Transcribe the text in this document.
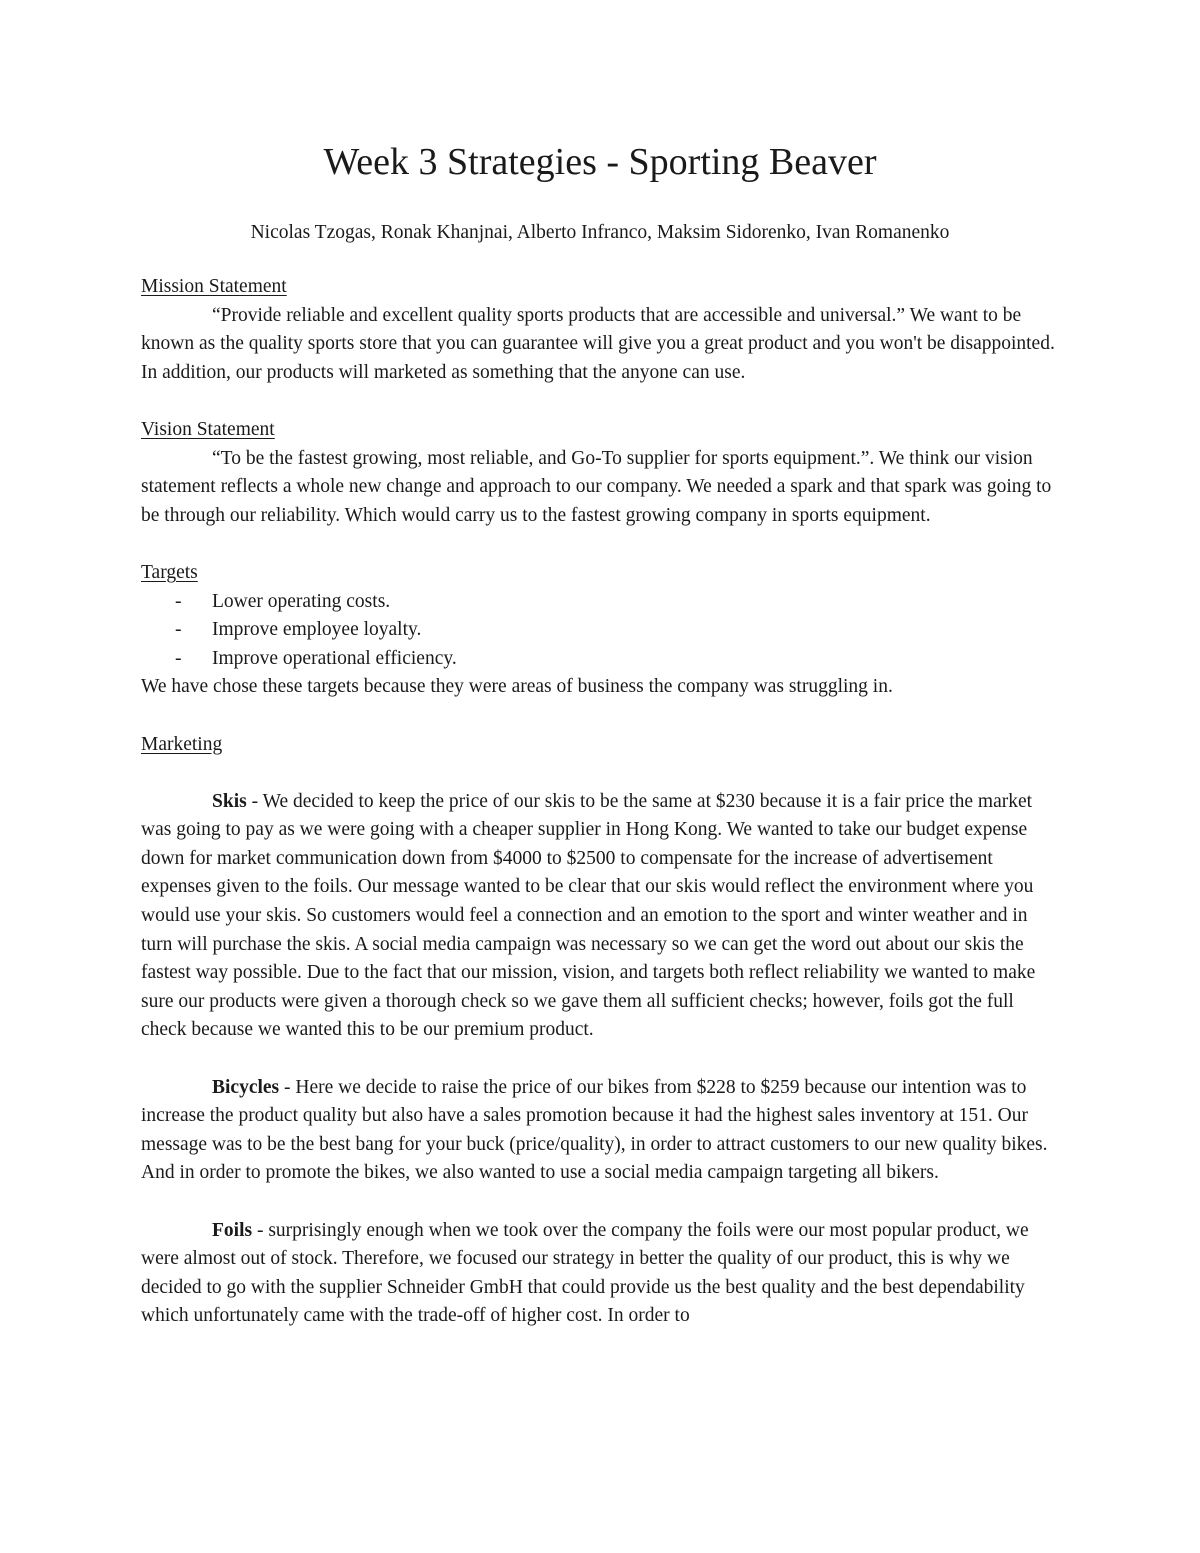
Week 3 Strategies - Sporting Beaver

Nicolas Tzogas, Ronak Khanjnai, Alberto Infranco, Maksim Sidorenko, Ivan Romanenko

Mission Statement

“Provide reliable and excellent quality sports products that are accessible and universal.” We want to be known as the quality sports store that you can guarantee will give you a great product and you won't be disappointed. In addition, our products will marketed as something that the anyone can use.

Vision Statement

“To be the fastest growing, most reliable, and Go-To supplier for sports equipment.”. We think our vision statement reflects a whole new change and approach to our company. We needed a spark and that spark was going to be through our reliability. Which would carry us to the fastest growing company in sports equipment.

Targets

- Lower operating costs.
- Improve employee loyalty.
- Improve operational efficiency.

We have chose these targets because they were areas of business the company was struggling in.

Marketing

Skis - We decided to keep the price of our skis to be the same at $230 because it is a fair price the market was going to pay as we were going with a cheaper supplier in Hong Kong. We wanted to take our budget expense down for market communication down from $4000 to $2500 to compensate for the increase of advertisement expenses given to the foils. Our message wanted to be clear that our skis would reflect the environment where you would use your skis. So customers would feel a connection and an emotion to the sport and winter weather and in turn will purchase the skis. A social media campaign was necessary so we can get the word out about our skis the fastest way possible. Due to the fact that our mission, vision, and targets both reflect reliability we wanted to make sure our products were given a thorough check so we gave them all sufficient checks; however, foils got the full check because we wanted this to be our premium product.

Bicycles - Here we decide to raise the price of our bikes from $228 to $259 because our intention was to increase the product quality but also have a sales promotion because it had the highest sales inventory at 151. Our message was to be the best bang for your buck (price/quality), in order to attract customers to our new quality bikes. And in order to promote the bikes, we also wanted to use a social media campaign targeting all bikers.

Foils - surprisingly enough when we took over the company the foils were our most popular product, we were almost out of stock. Therefore, we focused our strategy in better the quality of our product, this is why we decided to go with the supplier Schneider GmbH that could provide us the best quality and the best dependability which unfortunately came with the trade-off of higher cost. In order to
